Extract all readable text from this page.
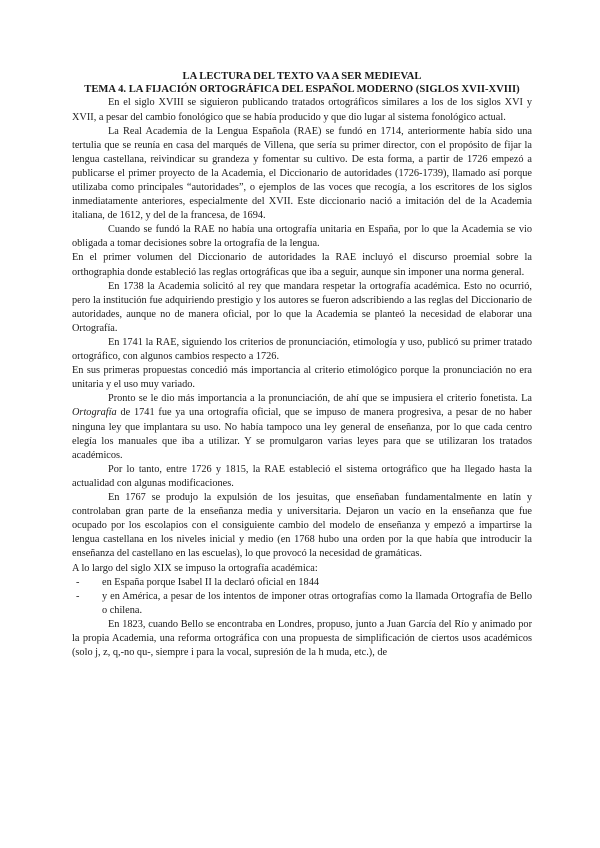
LA LECTURA DEL TEXTO VA A SER MEDIEVAL

TEMA 4. LA FIJACIÓN ORTOGRÁFICA DEL ESPAÑOL MODERNO (SIGLOS XVII-XVIII)

En el siglo XVIII se siguieron publicando tratados ortográficos similares a los de los siglos XVI y XVII, a pesar del cambio fonológico que se había producido y que dio lugar al sistema fonológico actual.

La Real Academia de la Lengua Española (RAE) se fundó en 1714, anteriormente había sido una tertulia que se reunía en casa del marqués de Villena, que sería su primer director, con el propósito de fijar la lengua castellana, reivindicar su grandeza y fomentar su cultivo. De esta forma, a partir de 1726 empezó a publicarse el primer proyecto de la Academia, el Diccionario de autoridades (1726-1739), llamado así porque utilizaba como principales “autoridades”, o ejemplos de las voces que recogía, a los escritores de los siglos inmediatamente anteriores, especialmente del XVII. Este diccionario nació a imitación del de la Academia italiana, de 1612, y del de la francesa, de 1694.

Cuando se fundó la RAE no había una ortografía unitaria en España, por lo que la Academia se vio obligada a tomar decisiones sobre la ortografía de la lengua.

En el primer volumen del Diccionario de autoridades la RAE incluyó el discurso proemial sobre la orthographia donde estableció las reglas ortográficas que iba a seguir, aunque sin imponer una norma general.

En 1738 la Academia solicitó al rey que mandara respetar la ortografía académica. Esto no ocurrió, pero la institución fue adquiriendo prestigio y los autores se fueron adscribiendo a las reglas del Diccionario de autoridades, aunque no de manera oficial, por lo que la Academia se planteó la necesidad de elaborar una Ortografía.

En 1741 la RAE, siguiendo los criterios de pronunciación, etimología y uso, publicó su primer tratado ortográfico, con algunos cambios respecto a 1726.

En sus primeras propuestas concedió más importancia al criterio etimológico porque la pronunciación no era unitaria y el uso muy variado.

Pronto se le dio más importancia a la pronunciación, de ahí que se impusiera el criterio fonetista. La Ortografía de 1741 fue ya una ortografía oficial, que se impuso de manera progresiva, a pesar de no haber ninguna ley que implantara su uso. No había tampoco una ley general de enseñanza, por lo que cada centro elegía los manuales que iba a utilizar. Y se promulgaron varias leyes para que se utilizaran los tratados académicos.

Por lo tanto, entre 1726 y 1815, la RAE estableció el sistema ortográfico que ha llegado hasta la actualidad con algunas modificaciones.

En 1767 se produjo la expulsión de los jesuitas, que enseñaban fundamentalmente en latín y controlaban gran parte de la enseñanza media y universitaria. Dejaron un vacío en la enseñanza que fue ocupado por los escolapios con el consiguiente cambio del modelo de enseñanza y empezó a impartirse la lengua castellana en los niveles inicial y medio (en 1768 hubo una orden por la que había que introducir la enseñanza del castellano en las escuelas), lo que provocó la necesidad de gramáticas.

A lo largo del siglo XIX se impuso la ortografía académica:

- en España porque Isabel II la declaró oficial en 1844
- y en América, a pesar de los intentos de imponer otras ortografías como la llamada Ortografía de Bello o chilena.

En 1823, cuando Bello se encontraba en Londres, propuso, junto a Juan García del Río y animado por la propia Academia, una reforma ortográfica con una propuesta de simplificación de ciertos usos académicos (solo j, z, q,-no qu-, siempre i para la vocal, supresión de la h muda, etc.), de
